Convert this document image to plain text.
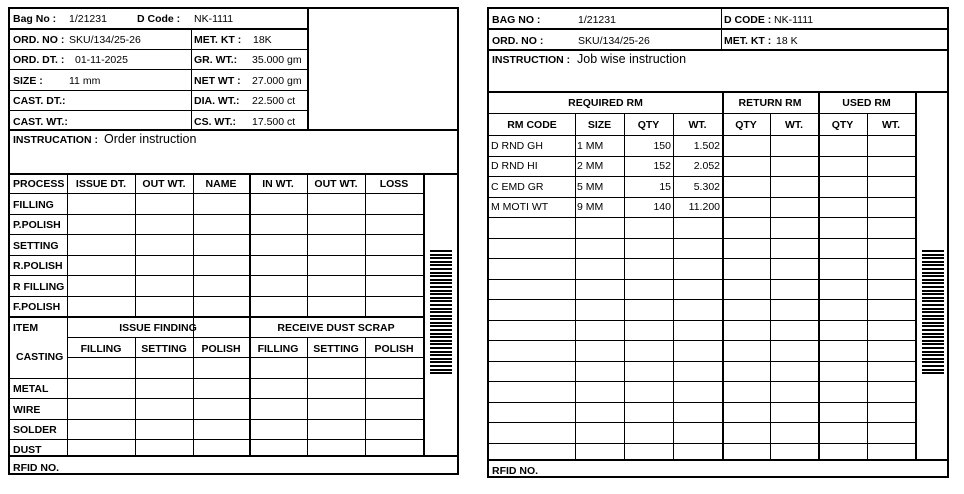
Bag No : 1/21231	D Code : NK-1111
ORD. NO : SKU/134/25-26
ORD. DT. : 01-11-2025
SIZE : 11 mm
CAST. DT.:
CAST. WT.:
MET. KT : 18K
GR. WT.: 35.000 gm
NET WT : 27.000 gm
DIA. WT.: 22.500 ct
CS. WT.: 17.500 ct
INSTRUCATION : Order instruction
PROCESS	ISSUE DT.	OUT WT.	NAME	IN WT.	OUT WT.	LOSS
FILLING
P.POLISH
SETTING
R.POLISH
R FILLING
F.POLISH
ITEM	ISSUE FINDING	RECEIVE DUST SCRAP
FILLING	SETTING	POLISH	FILLING	SETTING	POLISH
CASTING
METAL
WIRE
SOLDER
DUST
RFID NO.
BAG NO :	1/21231	D CODE : NK-1111
ORD. NO :	SKU/134/25-26	MET. KT : 18 K
INSTRUCTION : Job wise instruction
REQUIRED RM	RETURN RM	USED RM
RM CODE	SIZE	QTY	WT.	QTY	WT.	QTY	WT.
D RND GH	1 MM	150	1.502
D RND HI	2 MM	152	2.052
C EMD GR	5 MM	15	5.302
M MOTI WT	9 MM	140	11.200
RFID NO.
